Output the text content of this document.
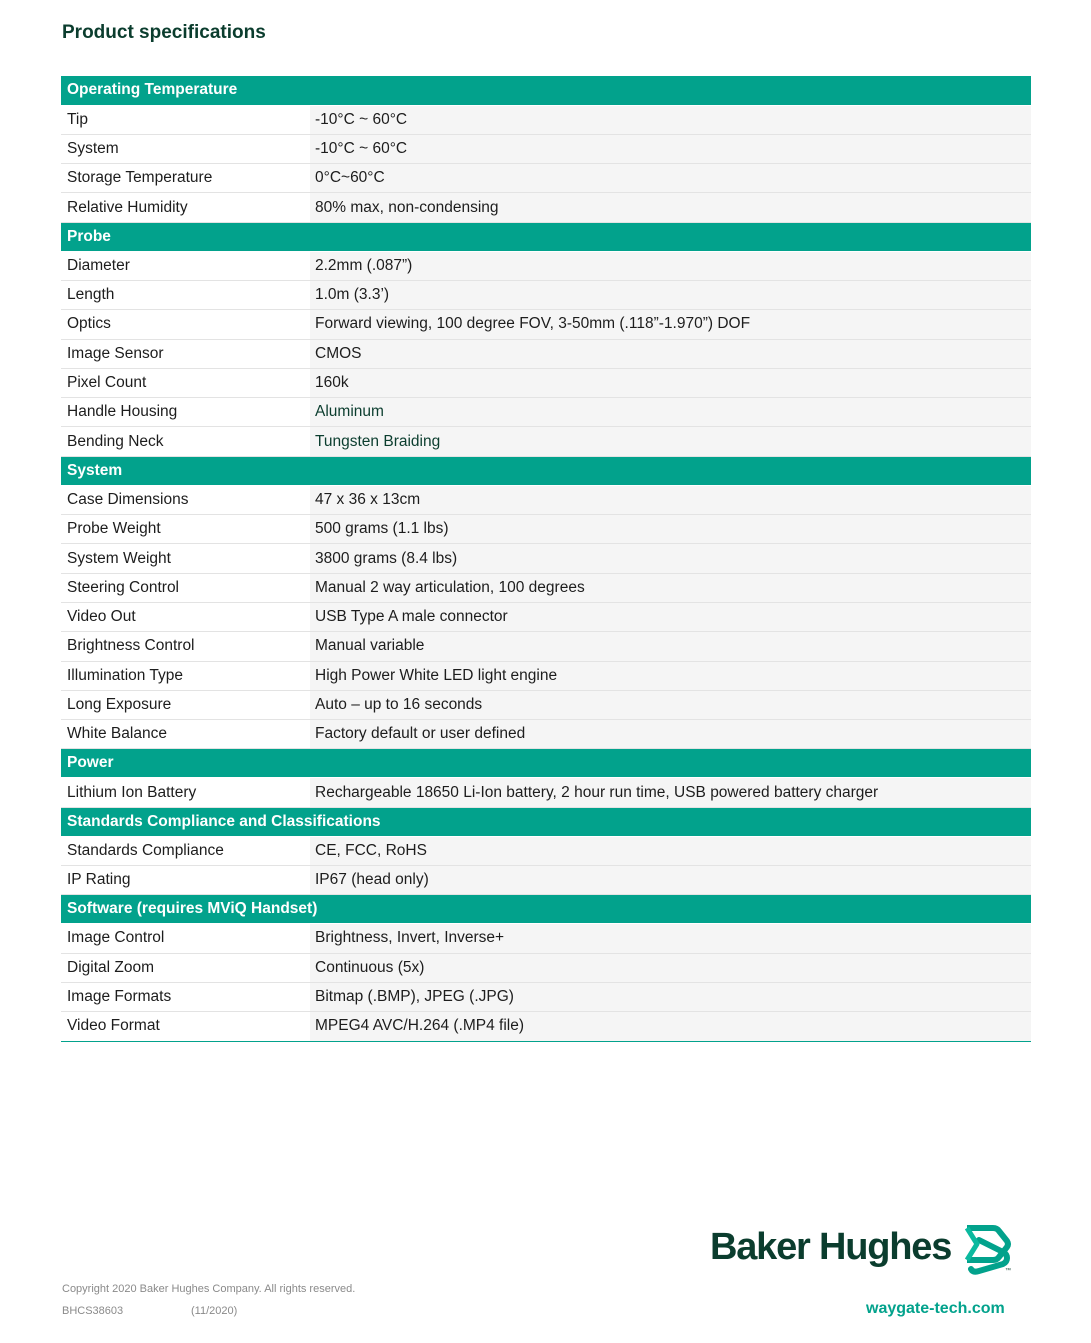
Product specifications
Operating Temperature	
Tip	-10°C ~ 60°C
System	-10°C ~ 60°C
Storage Temperature	0°C~60°C
Relative Humidity	80% max, non-condensing
Probe	
Diameter	2.2mm (.087”)
Length	1.0m (3.3’)
Optics	Forward viewing, 100 degree FOV, 3-50mm (.118”-1.970”) DOF
Image Sensor	CMOS
Pixel Count	160k
Handle Housing	Aluminum
Bending Neck	Tungsten Braiding
System	
Case Dimensions	47 x 36 x 13cm
Probe Weight	500 grams (1.1 lbs)
System Weight	3800 grams (8.4 lbs)
Steering Control	Manual 2 way articulation, 100 degrees
Video Out	USB Type A male connector
Brightness Control	Manual variable
Illumination Type	High Power White LED light engine
Long Exposure	Auto – up to 16 seconds
White Balance	Factory default or user defined
Power	
Lithium Ion Battery	Rechargeable 18650 Li-Ion battery, 2 hour run time, USB powered battery charger
Standards Compliance and Classifications	
Standards Compliance	CE, FCC, RoHS
IP Rating	IP67 (head only)
Software (requires MViQ Handset)	
Image Control	Brightness, Invert, Inverse+
Digital Zoom	Continuous (5x)
Image Formats	Bitmap (.BMP), JPEG (.JPG)
Video Format	MPEG4 AVC/H.264 (.MP4 file)
Baker Hughes
™
Copyright 2020 Baker Hughes Company. All rights reserved.
BHCS38603	(11/2020)	waygate-tech.com
